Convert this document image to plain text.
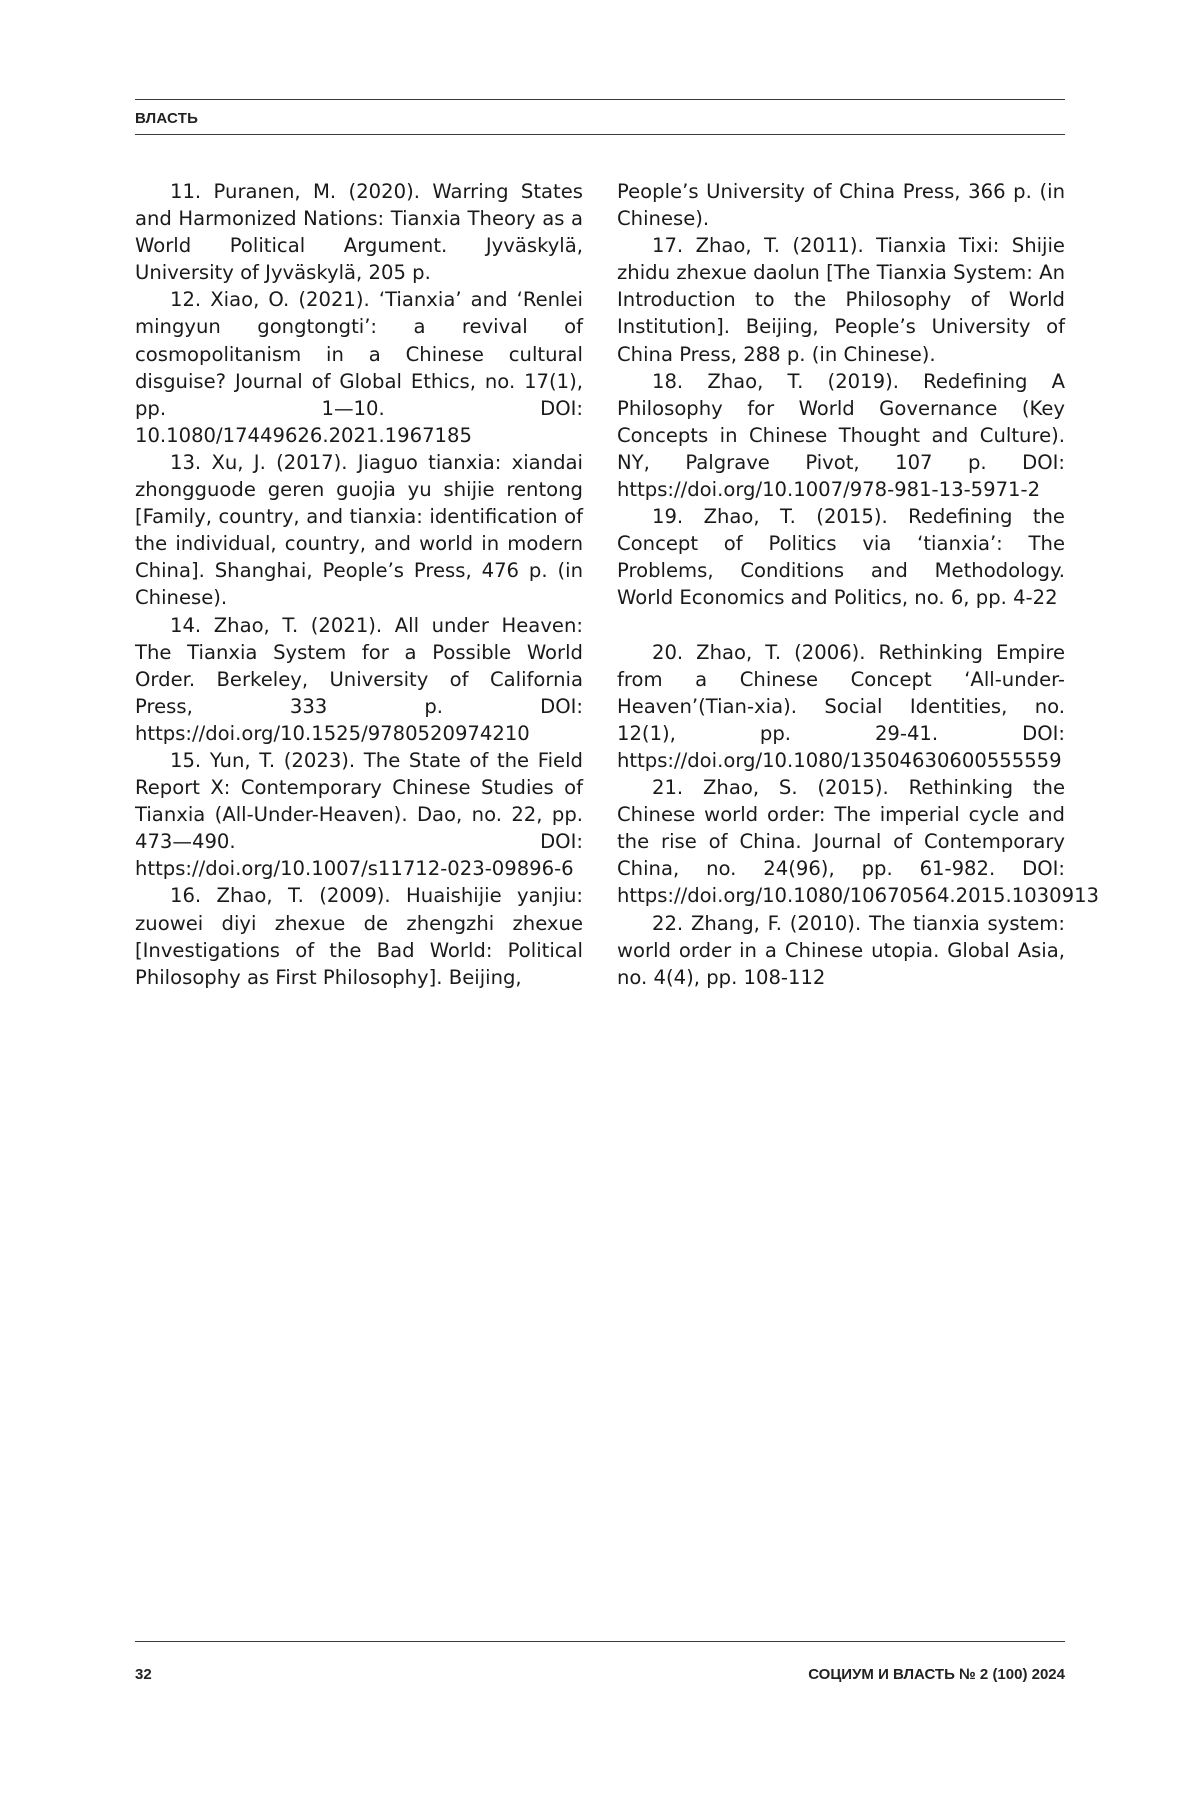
ВЛАСТЬ

11. Puranen, M. (2020). Warring States and Harmonized Nations: Tianxia Theory as a World Political Argument. Jyväskylä, University of Jyväskylä, 205 p.

12. Xiao, O. (2021). ‘Tianxia’ and ‘Renlei mingyun gongtongti’: a revival of cosmopolitanism in a Chinese cultural disguise? Journal of Global Ethics, no. 17(1), pp. 1—10. DOI: 10.1080/17449626.2021.1967185

13. Xu, J. (2017). Jiaguo tianxia: xiandai zhongguode geren guojia yu shijie rentong [Family, country, and tianxia: identification of the individual, country, and world in modern China]. Shanghai, People’s Press, 476 p. (in Chinese).

14. Zhao, T. (2021). All under Heaven: The Tianxia System for a Possible World Order. Berkeley, University of California Press, 333 p. DOI: https://doi.org/10.1525/9780520974210

15. Yun, T. (2023). The State of the Field Report X: Contemporary Chinese Studies of Tianxia (All-Under-Heaven). Dao, no. 22, pp. 473—490. DOI: https://doi.org/10.1007/s11712-023-09896-6

16. Zhao, T. (2009). Huaishijie yanjiu: zuowei diyi zhexue de zhengzhi zhexue [Investigations of the Bad World: Political Philosophy as First Philosophy]. Beijing,

People’s University of China Press, 366 p. (in Chinese).

17. Zhao, T. (2011). Tianxia Tixi: Shijie zhidu zhexue daolun [The Tianxia System: An Introduction to the Philosophy of World Institution]. Beijing, People’s University of China Press, 288 p. (in Chinese).

18. Zhao, T. (2019). Redefining A Philosophy for World Governance (Key Concepts in Chinese Thought and Culture). NY, Palgrave Pivot, 107 p. DOI: https://doi.org/10.1007/978-981-13-5971-2

19. Zhao, T. (2015). Redefining the Concept of Politics via ‘tianxia’: The Problems, Conditions and Methodology. World Economics and Politics, no. 6, pp. 4-22

20. Zhao, T. (2006). Rethinking Empire from a Chinese Concept ‘All-under-Heaven’(Tian-xia). Social Identities, no. 12(1), pp. 29-41. DOI: https://doi.org/10.1080/13504630600555559

21. Zhao, S. (2015). Rethinking the Chinese world order: The imperial cycle and the rise of China. Journal of Contemporary China, no. 24(96), pp. 61-982. DOI: https://doi.org/10.1080/10670564.2015.1030913

22. Zhang, F. (2010). The tianxia system: world order in a Chinese utopia. Global Asia, no. 4(4), pp. 108-112

32	СОЦИУМ И ВЛАСТЬ № 2 (100) 2024
